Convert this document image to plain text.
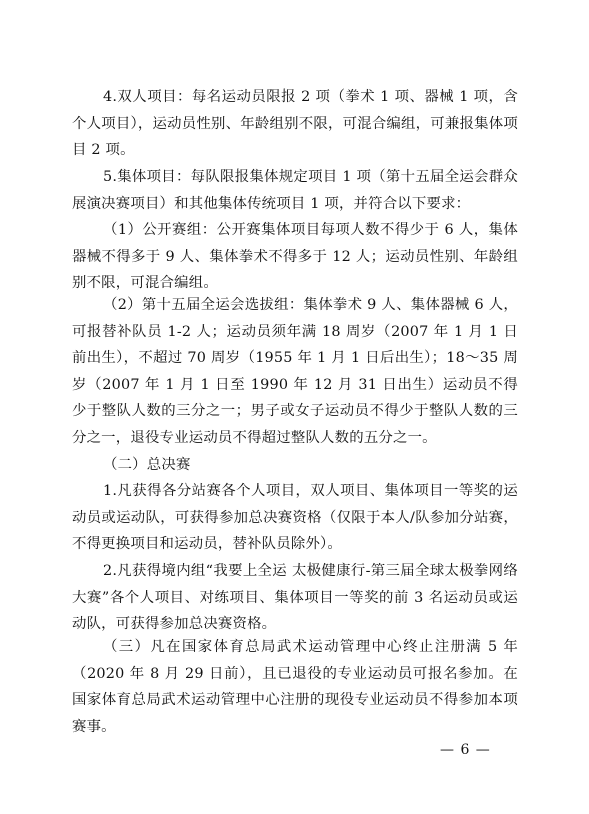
4.双人项目：每名运动员限报 2 项（拳术 1 项、器械 1 项，含个人项目），运动员性别、年龄组别不限，可混合编组，可兼报集体项目 2 项。

5.集体项目：每队限报集体规定项目 1 项（第十五届全运会群众展演决赛项目）和其他集体传统项目 1 项，并符合以下要求：

（1）公开赛组：公开赛集体项目每项人数不得少于 6 人，集体器械不得多于 9 人、集体拳术不得多于 12 人；运动员性别、年龄组别不限，可混合编组。

（2）第十五届全运会选拔组：集体拳术 9 人、集体器械 6 人，可报替补队员 1-2 人；运动员须年满 18 周岁（2007 年 1 月 1 日前出生），不超过 70 周岁（1955 年 1 月 1 日后出生）；18～35 周岁（2007 年 1 月 1 日至 1990 年 12 月 31 日出生）运动员不得少于整队人数的三分之一；男子或女子运动员不得少于整队人数的三分之一，退役专业运动员不得超过整队人数的五分之一。

（二）总决赛

1.凡获得各分站赛各个人项目，双人项目、集体项目一等奖的运动员或运动队，可获得参加总决赛资格（仅限于本人/队参加分站赛，不得更换项目和运动员，替补队员除外）。

2.凡获得境内组“我要上全运 太极健康行-第三届全球太极拳网络大赛”各个人项目、对练项目、集体项目一等奖的前 3 名运动员或运动队，可获得参加总决赛资格。

（三）凡在国家体育总局武术运动管理中心终止注册满 5 年（2020 年 8 月 29 日前），且已退役的专业运动员可报名参加。在国家体育总局武术运动管理中心注册的现役专业运动员不得参加本项赛事。

— 6 —
